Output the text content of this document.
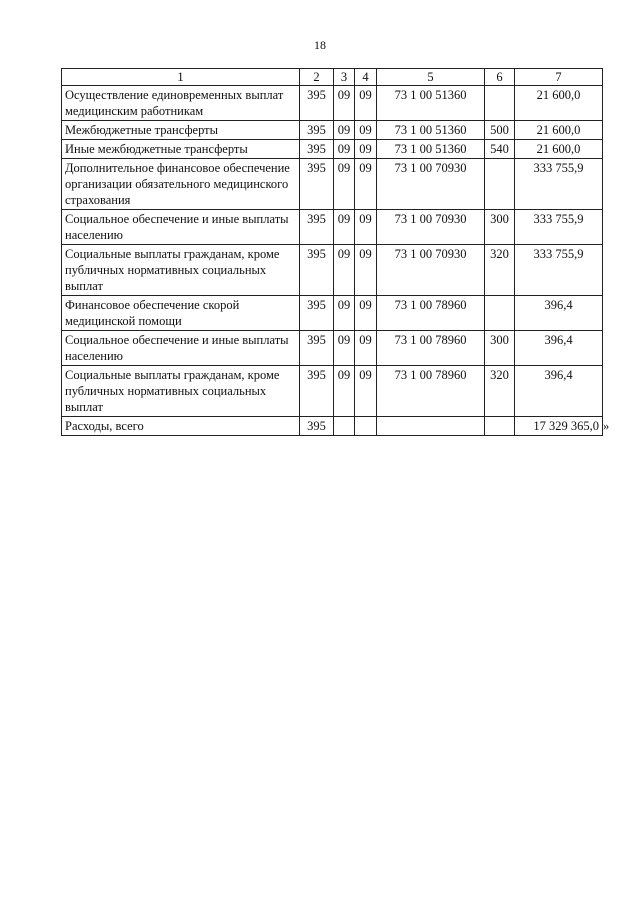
18
1	2	3	4	5	6	7
Осуществление единовременных выплат медицинским работникам	395	09	09	73 1 00 51360		21 600,0
Межбюджетные трансферты	395	09	09	73 1 00 51360	500	21 600,0
Иные межбюджетные трансферты	395	09	09	73 1 00 51360	540	21 600,0
Дополнительное финансовое обеспечение организации обязательного медицинского страхования	395	09	09	73 1 00 70930		333 755,9
Социальное обеспечение и иные выплаты населению	395	09	09	73 1 00 70930	300	333 755,9
Социальные выплаты гражданам, кроме публичных нормативных социальных выплат	395	09	09	73 1 00 70930	320	333 755,9
Финансовое обеспечение скорой медицинской помощи	395	09	09	73 1 00 78960		396,4
Социальное обеспечение и иные выплаты населению	395	09	09	73 1 00 78960	300	396,4
Социальные выплаты гражданам, кроме публичных нормативных социальных выплат	395	09	09	73 1 00 78960	320	396,4
Расходы, всего	395					17 329 365,0 »
